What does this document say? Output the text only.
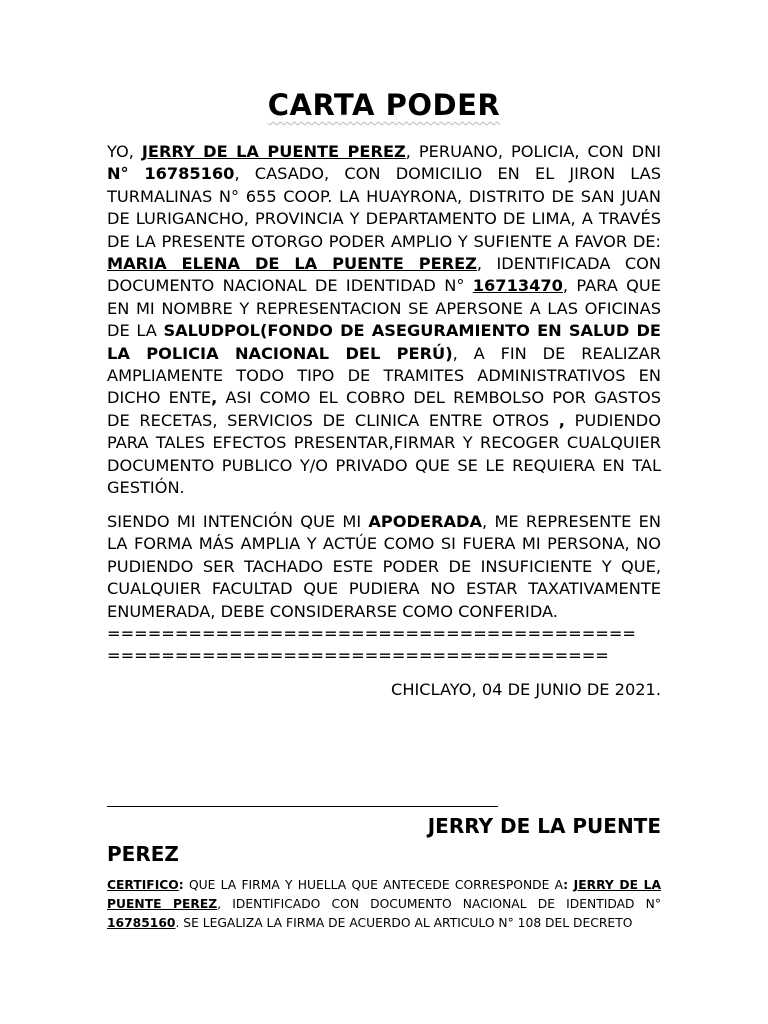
CARTA PODER
YO, JERRY DE LA PUENTE PEREZ, PERUANO, POLICIA, CON DNI N° 16785160, CASADO, CON DOMICILIO EN EL JIRON LAS TURMALINAS N° 655 COOP. LA HUAYRONA, DISTRITO DE SAN JUAN DE LURIGANCHO, PROVINCIA Y DEPARTAMENTO DE LIMA, A TRAVÉS DE LA PRESENTE OTORGO PODER AMPLIO Y SUFIENTE A FAVOR DE: MARIA ELENA DE LA PUENTE PEREZ, IDENTIFICADA CON DOCUMENTO NACIONAL DE IDENTIDAD N° 16713470, PARA QUE EN MI NOMBRE Y REPRESENTACION SE APERSONE A LAS OFICINAS DE LA SALUDPOL(FONDO DE ASEGURAMIENTO EN SALUD DE LA POLICIA NACIONAL DEL PERÚ), A FIN DE REALIZAR AMPLIAMENTE TODO TIPO DE TRAMITES ADMINISTRATIVOS EN DICHO ENTE, ASI COMO EL COBRO DEL REMBOLSO POR GASTOS DE RECETAS, SERVICIOS DE CLINICA ENTRE OTROS , PUDIENDO PARA TALES EFECTOS PRESENTAR,FIRMAR Y RECOGER CUALQUIER DOCUMENTO PUBLICO Y/O PRIVADO QUE SE LE REQUIERA EN TAL GESTIÓN.
SIENDO MI INTENCIÓN QUE MI APODERADA, ME REPRESENTE EN LA FORMA MÁS AMPLIA Y ACTÚE COMO SI FUERA MI PERSONA, NO PUDIENDO SER TACHADO ESTE PODER DE INSUFICIENTE Y QUE, CUALQUIER FACULTAD QUE PUDIERA NO ESTAR TAXATIVAMENTE ENUMERADA, DEBE CONSIDERARSE COMO CONFERIDA.
=======================================
=====================================
CHICLAYO, 04 DE JUNIO DE 2021.
JERRY DE LA PUENTE
PEREZ
CERTIFICO: QUE LA FIRMA Y HUELLA QUE ANTECEDE CORRESPONDE A: JERRY DE LA PUENTE PEREZ, IDENTIFICADO CON DOCUMENTO NACIONAL DE IDENTIDAD N° 16785160. SE LEGALIZA LA FIRMA DE ACUERDO AL ARTICULO N° 108 DEL DECRETO
